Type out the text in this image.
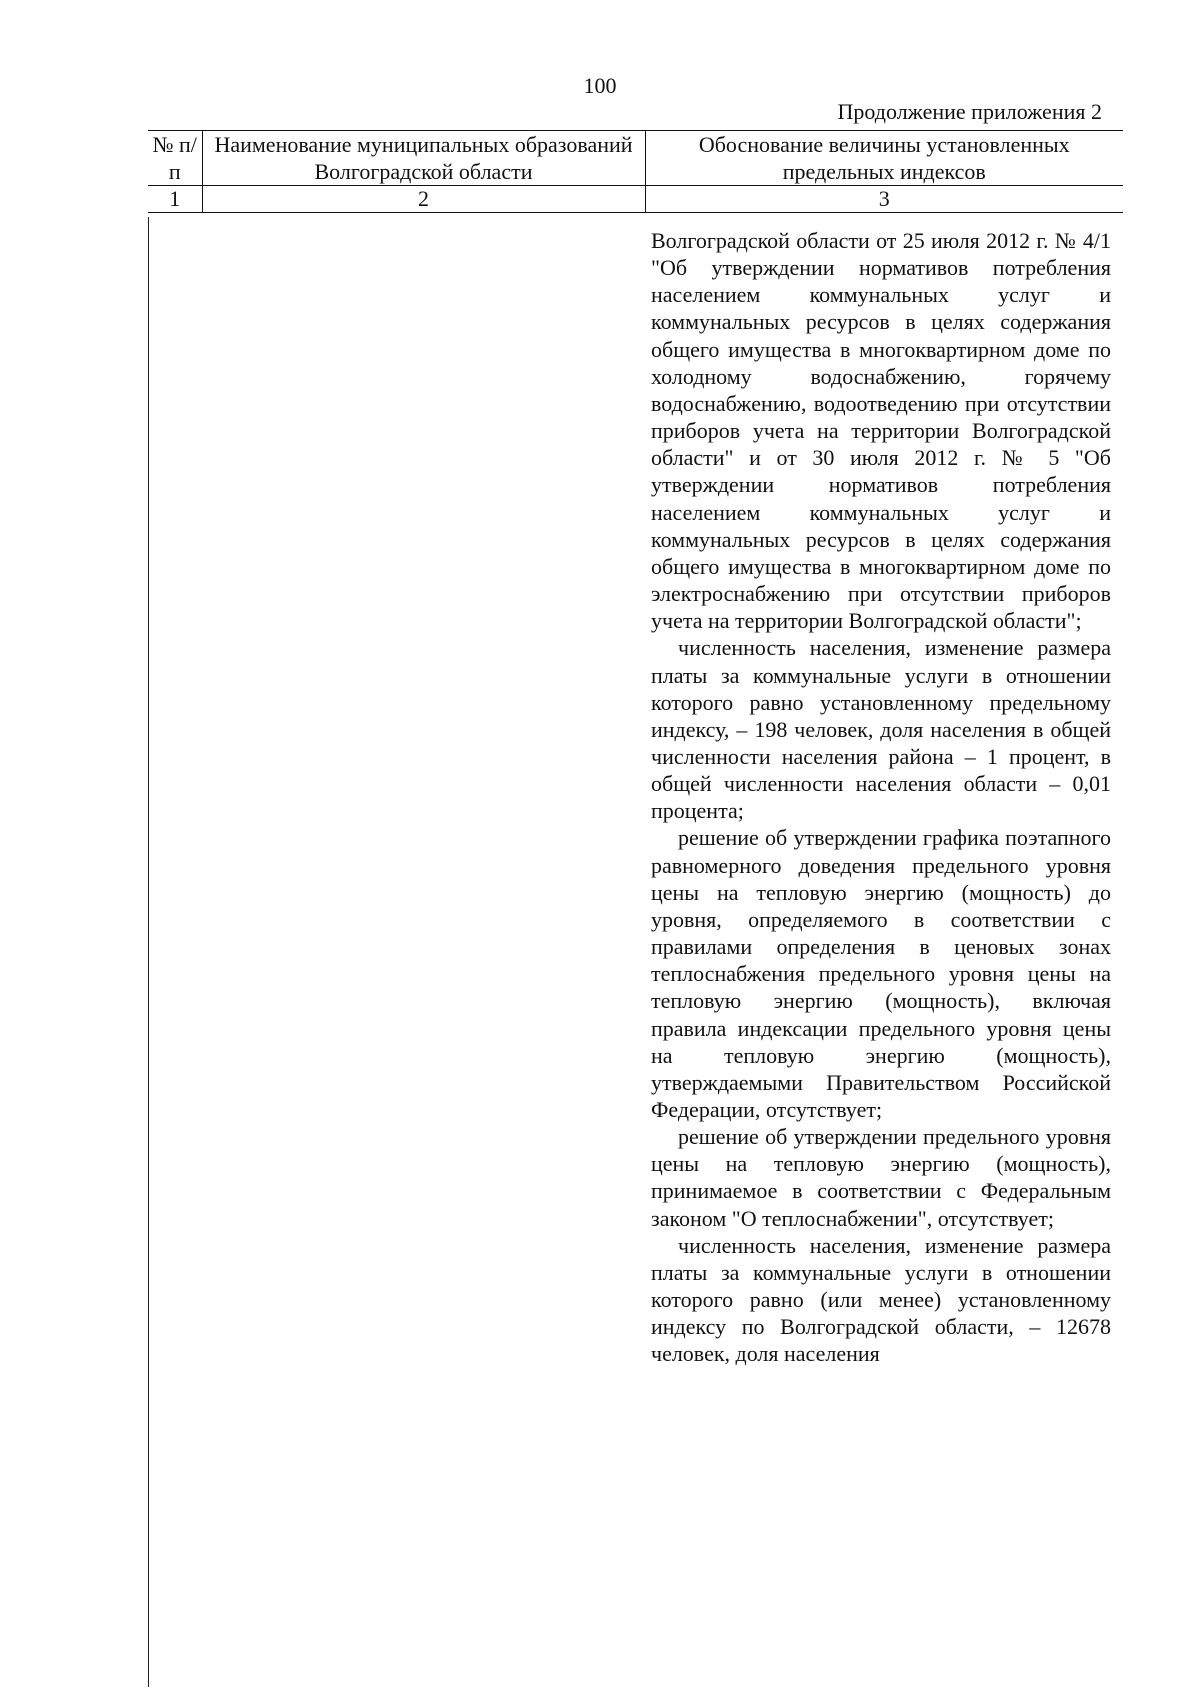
100
Продолжение приложения 2
№ п/п	Наименование муниципальных образований Волгоградской области	Обоснование величины установленных предельных индексов
1	2	3

Волгоградской области от 25 июля 2012 г. № 4/1 "Об утверждении нормативов потребления населением коммунальных услуг и коммунальных ресурсов в целях содержания общего имущества в многоквартирном доме по холодному водоснабжению, горячему водоснабжению, водоотведению при отсутствии приборов учета на территории Волгоградской области" и от 30 июля 2012 г. № 5 "Об утверждении нормативов потребления населением коммунальных услуг и коммунальных ресурсов в целях содержания общего имущества в многоквартирном доме по электроснабжению при отсутствии приборов учета на территории Волгоградской области";

численность населения, изменение размера платы за коммунальные услуги в отношении которого равно установленному предельному индексу, – 198 человек, доля населения в общей численности населения района – 1 процент, в общей численности населения области – 0,01 процента;

решение об утверждении графика поэтапного равномерного доведения предельного уровня цены на тепловую энергию (мощность) до уровня, определяемого в соответствии с правилами определения в ценовых зонах теплоснабжения предельного уровня цены на тепловую энергию (мощность), включая правила индексации предельного уровня цены на тепловую энергию (мощность), утверждаемыми Правительством Российской Федерации, отсутствует;

решение об утверждении предельного уровня цены на тепловую энергию (мощность), принимаемое в соответствии с Федеральным законом "О теплоснабжении", отсутствует;

численность населения, изменение размера платы за коммунальные услуги в отношении которого равно (или менее) установленному индексу по Волгоградской области, – 12678 человек, доля населения
